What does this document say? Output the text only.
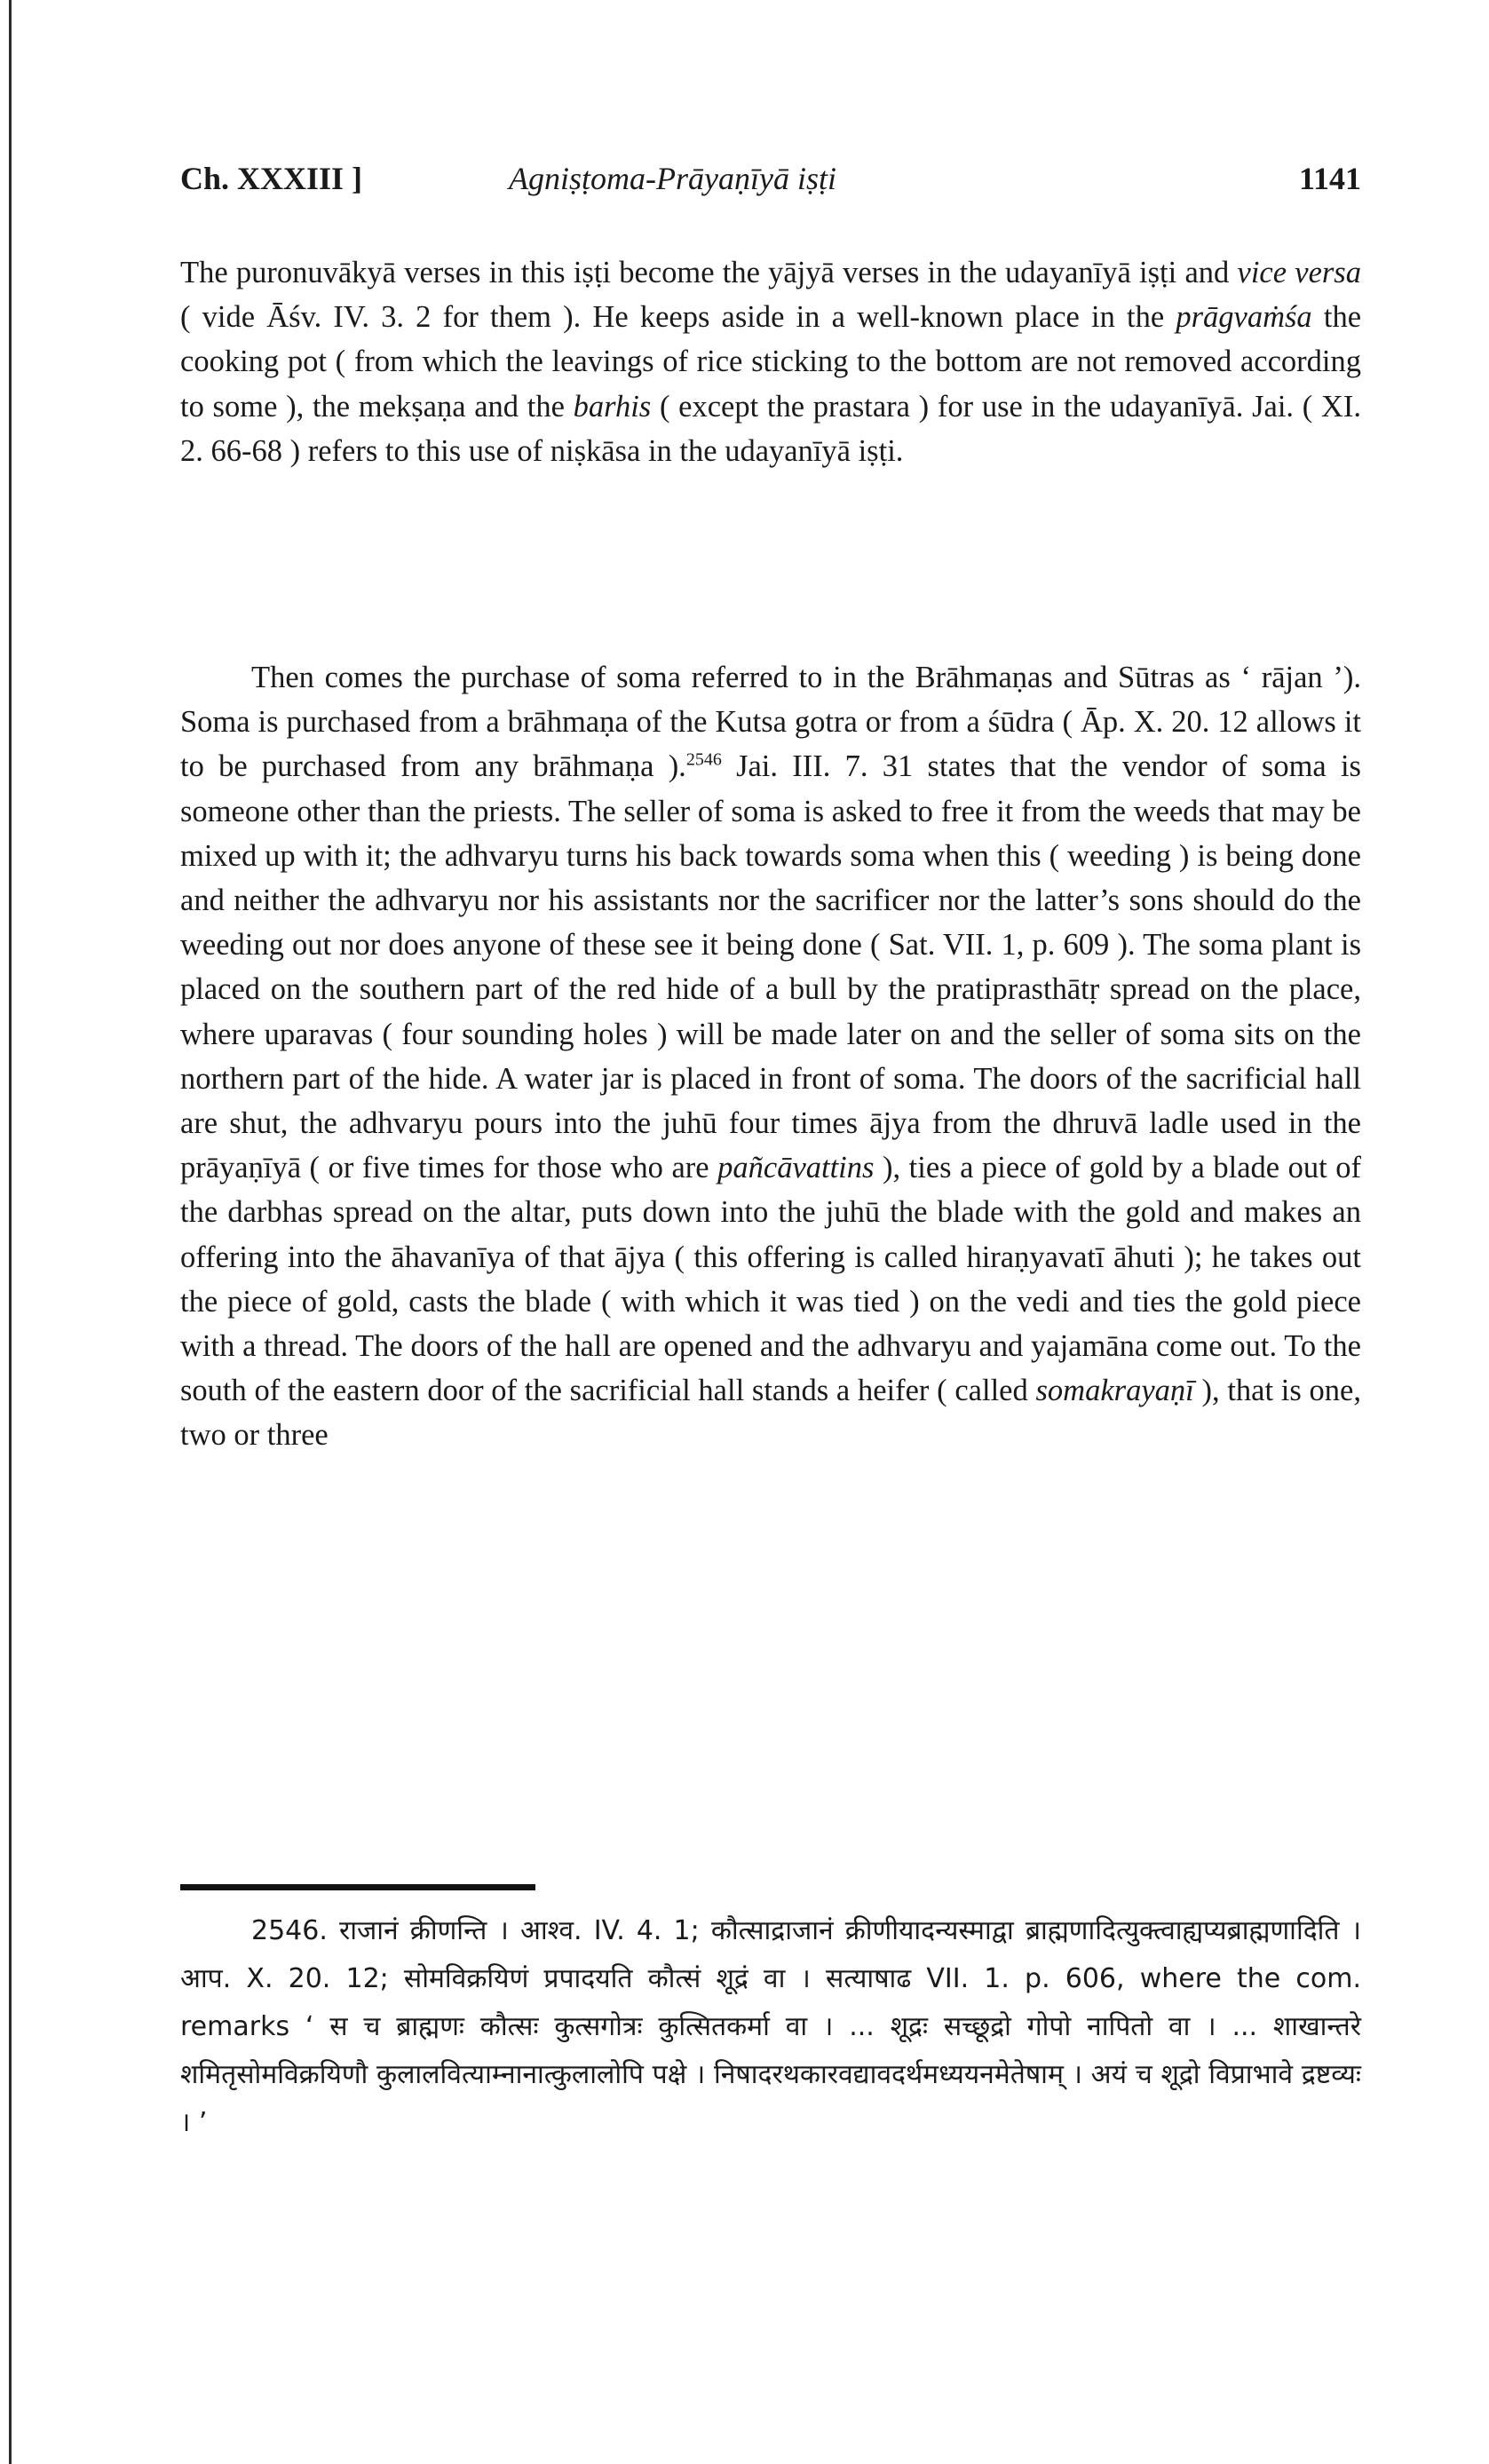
Ch. XXXIII ]	Agniṣṭoma-Prāyaṇīyā iṣṭi	1141

The puronuvākyā verses in this iṣṭi become the yājyā verses in the udayanīyā iṣṭi and vice versa ( vide Āśv. IV. 3. 2 for them ). He keeps aside in a well-known place in the prāgvaṁśa the cooking pot ( from which the leavings of rice sticking to the bottom are not removed according to some ), the mekṣaṇa and the barhis ( except the prastara ) for use in the udayanīyā. Jai. ( XI. 2. 66-68 ) refers to this use of niṣkāsa in the udayanīyā iṣṭi.

Then comes the purchase of soma referred to in the Brāhmaṇas and Sūtras as ‘ rājan ’). Soma is purchased from a brāhmaṇa of the Kutsa gotra or from a śūdra ( Āp. X. 20. 12 allows it to be purchased from any brāhmaṇa ).$^{2546}$ Jai. III. 7. 31 states that the vendor of soma is someone other than the priests. The seller of soma is asked to free it from the weeds that may be mixed up with it; the adhvaryu turns his back towards soma when this ( weeding ) is being done and neither the adhvaryu nor his assistants nor the sacrificer nor the latter’s sons should do the weeding out nor does anyone of these see it being done ( Sat. VII. 1, p. 609 ). The soma plant is placed on the southern part of the red hide of a bull by the pratiprasthātṛ spread on the place, where uparavas ( four sounding holes ) will be made later on and the seller of soma sits on the northern part of the hide. A water jar is placed in front of soma. The doors of the sacrificial hall are shut, the adhvaryu pours into the juhū four times ājya from the dhruvā ladle used in the prāyaṇīyā ( or five times for those who are pañcāvattins ), ties a piece of gold by a blade out of the darbhas spread on the altar, puts down into the juhū the blade with the gold and makes an offering into the āhavanīya of that ājya ( this offering is called hiraṇyavatī āhuti ); he takes out the piece of gold, casts the blade ( with which it was tied ) on the vedi and ties the gold piece with a thread. The doors of the hall are opened and the adhvaryu and yajamāna come out. To the south of the eastern door of the sacrificial hall stands a heifer ( called somakrayaṇī ), that is one, two or three

2546. राजानं क्रीणन्ति । आश्व. IV. 4. 1; कौत्साद्राजानं क्रीणीयादन्यस्माद्वा ब्राह्मणादित्युक्त्वाह्यप्यब्राह्मणादिति । आप. X. 20. 12; सोमविक्रयिणं प्रपादयति कौत्सं शूद्रं वा । सत्याषाढ VII. 1. p. 606, where the com. remarks ‘ स च ब्राह्मणः कौत्सः कुत्सगोत्रः कुत्सितकर्मा वा । ... शूद्रः सच्छूद्रो गोपो नापितो वा । ... शाखान्तरे शमितृसोमविक्रयिणौ कुलालवित्याम्नानात्कुलालोपि पक्षे । निषादरथकारवद्यावदर्थमध्ययनमेतेषाम् । अयं च शूद्रो विप्राभावे द्रष्टव्यः । ’
